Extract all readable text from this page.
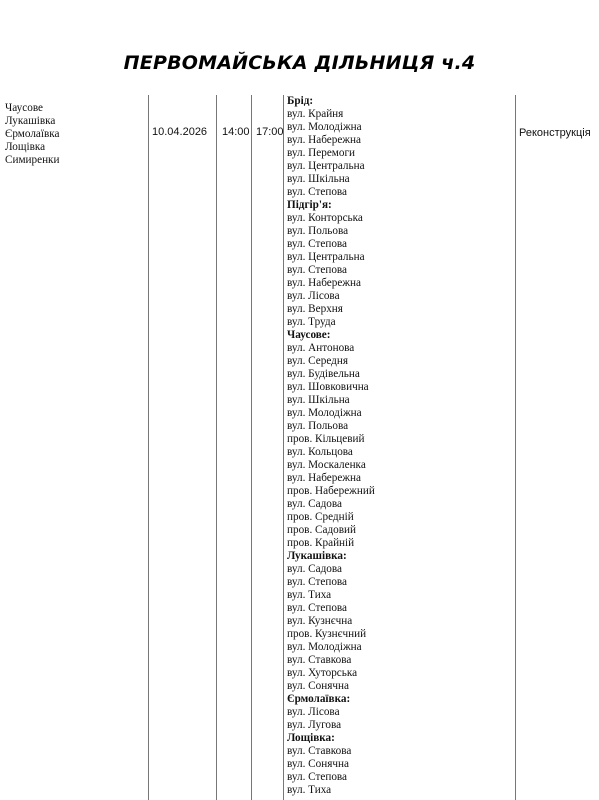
ПЕРВОМАЙСЬКА ДІЛЬНИЦЯ ч.4
Чаусове
Лукашівка
Єрмолаївка
Лощівка
Симиренки
10.04.2026 14:00 17:00
Брід:
вул. Крайня
вул. Молодіжна
вул. Набережна
вул. Перемоги
вул. Центральна
вул. Шкільна
вул. Степова
Підгір'я:
вул. Конторська
вул. Польова
вул. Степова
вул. Центральна
вул. Степова
вул. Набережна
вул. Лісова
вул. Верхня
вул. Труда
Чаусове:
вул. Антонова
вул. Середня
вул. Будівельна
вул. Шовковична
вул. Шкільна
вул. Молодіжна
вул. Польова
пров. Кільцевий
вул. Кольцова
вул. Москаленка
вул. Набережна
пров. Набережний
вул. Садова
пров. Средній
пров. Садовий
пров. Крайній
Лукашівка:
вул. Садова
вул. Степова
вул. Тиха
вул. Степова
вул. Кузнєчна
пров. Кузнєчний
вул. Молодіжна
вул. Ставкова
вул. Хуторська
вул. Сонячна
Єрмолаївка:
вул. Лісова
вул. Лугова
Лощівка:
вул. Ставкова
вул. Сонячна
вул. Степова
вул. Тиха
Реконструкція
